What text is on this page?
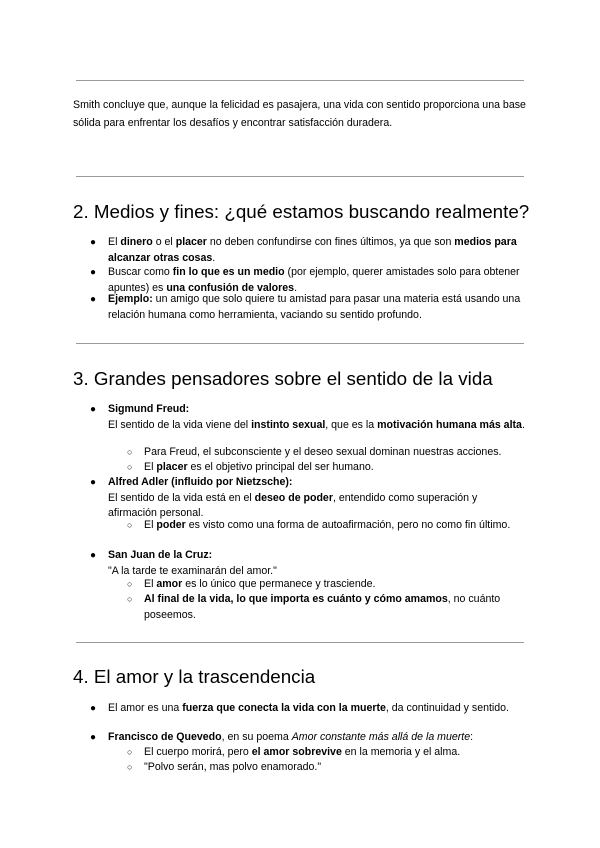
Smith concluye que, aunque la felicidad es pasajera, una vida con sentido proporciona una base sólida para enfrentar los desafíos y encontrar satisfacción duradera.
2. Medios y fines: ¿qué estamos buscando realmente?
● El dinero o el placer no deben confundirse con fines últimos, ya que son medios para alcanzar otras cosas.
● Buscar como fin lo que es un medio (por ejemplo, querer amistades solo para obtener apuntes) es una confusión de valores.
● Ejemplo: un amigo que solo quiere tu amistad para pasar una materia está usando una relación humana como herramienta, vaciando su sentido profundo.
3. Grandes pensadores sobre el sentido de la vida
● Sigmund Freud:
El sentido de la vida viene del instinto sexual, que es la motivación humana más alta.
○ Para Freud, el subconsciente y el deseo sexual dominan nuestras acciones.
○ El placer es el objetivo principal del ser humano.
● Alfred Adler (influido por Nietzsche):
El sentido de la vida está en el deseo de poder, entendido como superación y afirmación personal.
○ El poder es visto como una forma de autoafirmación, pero no como fin último.
● San Juan de la Cruz:
"A la tarde te examinarán del amor."
○ El amor es lo único que permanece y trasciende.
○ Al final de la vida, lo que importa es cuánto y cómo amamos, no cuánto poseemos.
4. El amor y la trascendencia
● El amor es una fuerza que conecta la vida con la muerte, da continuidad y sentido.
● Francisco de Quevedo, en su poema Amor constante más allá de la muerte:
○ El cuerpo morirá, pero el amor sobrevive en la memoria y el alma.
○ "Polvo serán, mas polvo enamorado."
